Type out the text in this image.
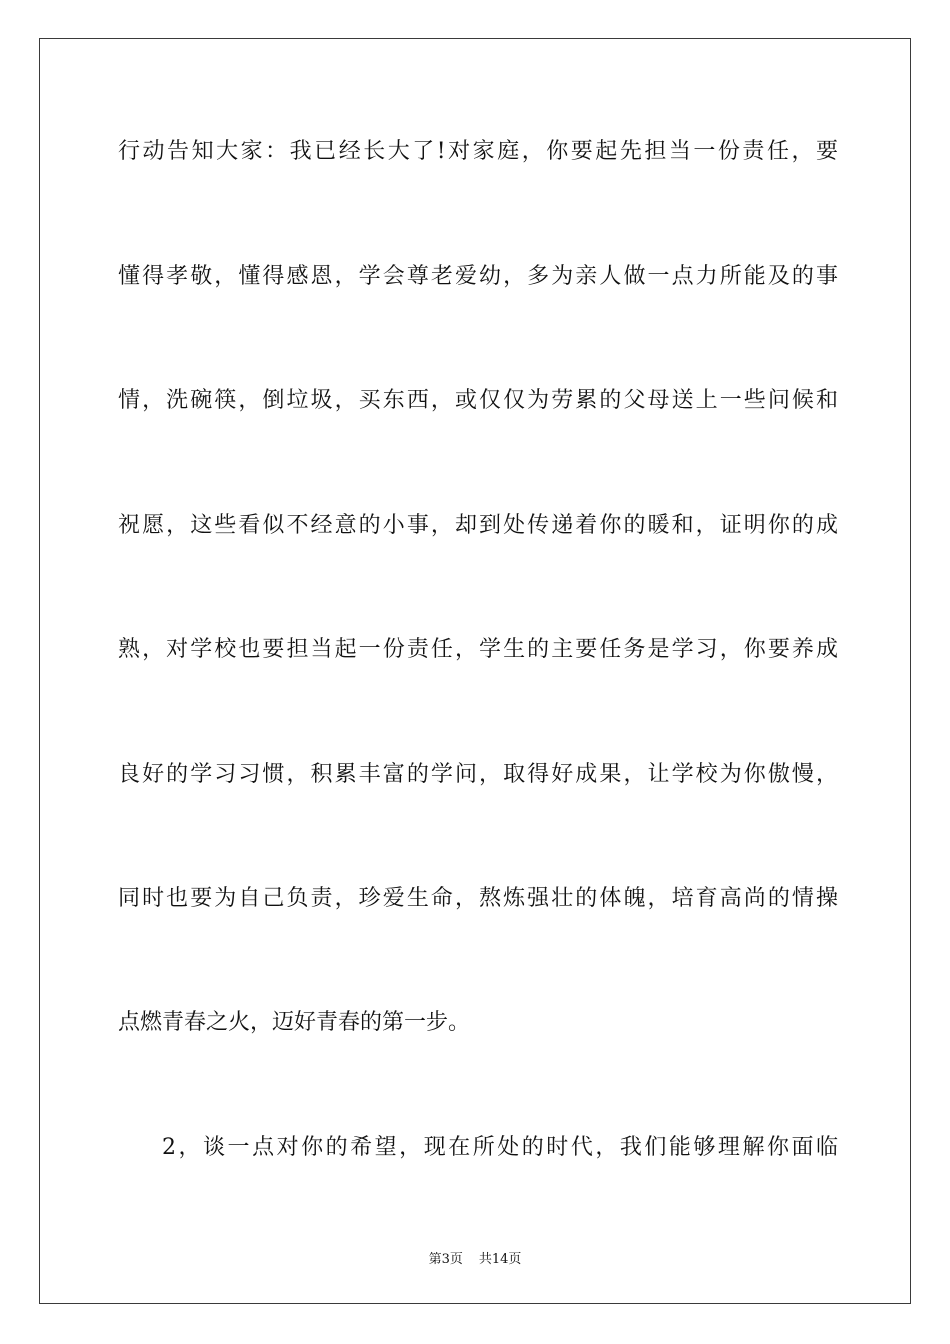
行动告知大家：我已经长大了!对家庭，你要起先担当一份责任，要
懂得孝敬，懂得感恩，学会尊老爱幼，多为亲人做一点力所能及的事
情，洗碗筷，倒垃圾，买东西，或仅仅为劳累的父母送上一些问候和
祝愿，这些看似不经意的小事，却到处传递着你的暖和，证明你的成
熟，对学校也要担当起一份责任，学生的主要任务是学习，你要养成
良好的学习习惯，积累丰富的学问，取得好成果，让学校为你傲慢，
同时也要为自己负责，珍爱生命，熬炼强壮的体魄，培育高尚的情操
点燃青春之火，迈好青春的第一步。
2，谈一点对你的希望，现在所处的时代，我们能够理解你面临
第3页 共14页
